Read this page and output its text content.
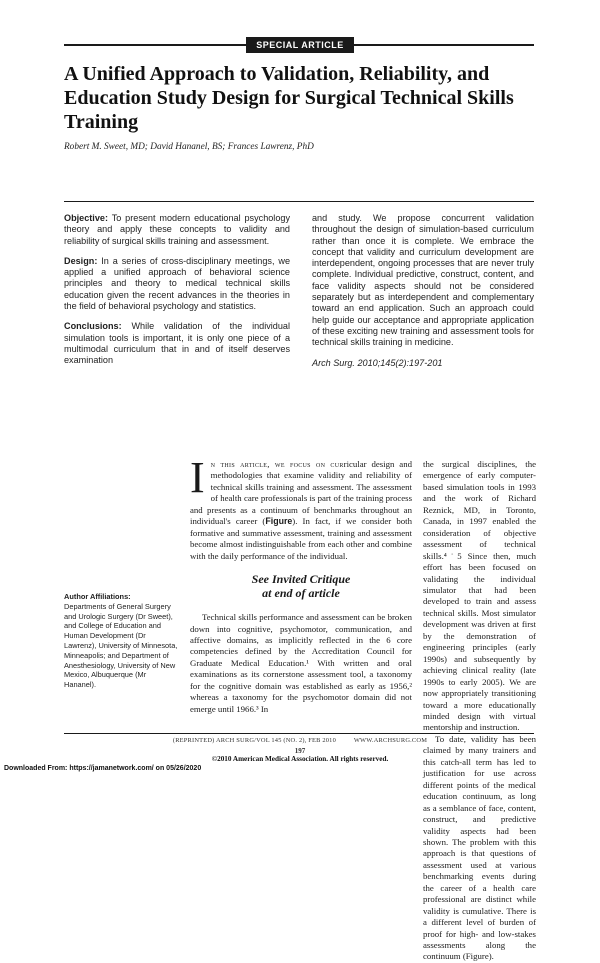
SPECIAL ARTICLE
A Unified Approach to Validation, Reliability, and Education Study Design for Surgical Technical Skills Training
Robert M. Sweet, MD; David Hananel, BS; Frances Lawrenz, PhD

Objective: To present modern educational psychology theory and apply these concepts to validity and reliability of surgical skills training and assessment.

Design: In a series of cross-disciplinary meetings, we applied a unified approach of behavioral science principles and theory to medical technical skills education given the recent advances in the theories in the field of behavioral psychology and statistics.

Conclusions: While validation of the individual simulation tools is important, it is only one piece of a multimodal curriculum that in and of itself deserves examination

and study. We propose concurrent validation throughout the design of simulation-based curriculum rather than once it is complete. We embrace the concept that validity and curriculum development are interdependent, ongoing processes that are never truly complete. Individual predictive, construct, content, and face validity aspects should not be considered separately but as interdependent and complementary toward an end application. Such an approach could help guide our acceptance and appropriate application of these exciting new training and assessment tools for technical skills training in medicine.

Arch Surg. 2010;145(2):197-201

In this article, we focus on curricular design and methodologies that examine validity and reliability of technical skills training and assessment. The assessment of health care professionals is part of the training process and presents as a continuum of benchmarks throughout an individual's career (Figure). In fact, if we consider both formative and summative assessment, training and assessment become almost indistinguishable from each other and combine with the daily performance of the individual.

See Invited Critique
at end of article

Technical skills performance and assessment can be broken down into cognitive, psychomotor, communication, and affective domains, as implicitly reflected in the 6 core competencies defined by the Accreditation Council for Graduate Medical Education.¹ With written and oral examinations as its cornerstone assessment tool, a taxonomy for the cognitive domain was established as early as 1956,² whereas a taxonomy for the psychomotor domain did not emerge until 1966.³ In

the surgical disciplines, the emergence of early computer-based simulation tools in 1993 and the work of Richard Reznick, MD, in Toronto, Canada, in 1997 enabled the consideration of objective assessment of technical skills.⁴˙5 Since then, much effort has been focused on validating the individual simulator that had been developed to train and assess technical skills. Most simulator development was driven at first by the demonstration of engineering principles (early 1990s) and subsequently by achieving clinical reality (late 1990s to early 2005). We are now appropriately transitioning toward a more educationally minded design with virtual mentorship and instruction.

To date, validity has been claimed by many trainers and this catch-all term has led to justification for use across different points of the medical education continuum, as long as a semblance of face, content, construct, and predictive validity aspects had been shown. The problem with this approach is that questions of assessment used at various benchmarking events during the career of a health care professional are distinct while validity is cumulative. There is a different level of burden of proof for high- and low-stakes assessments along the continuum (Figure).

Author Affiliations:
Departments of General Surgery and Urologic Surgery (Dr Sweet), and College of Education and Human Development (Dr Lawrenz), University of Minnesota, Minneapolis; and Department of Anesthesiology, University of New Mexico, Albuquerque (Mr Hananel).
(REPRINTED) ARCH SURG/VOL 145 (NO. 2), FEB 2010          WWW.ARCHSURG.COM
197
©2010 American Medical Association. All rights reserved.
Downloaded From: https://jamanetwork.com/ on 05/26/2020
